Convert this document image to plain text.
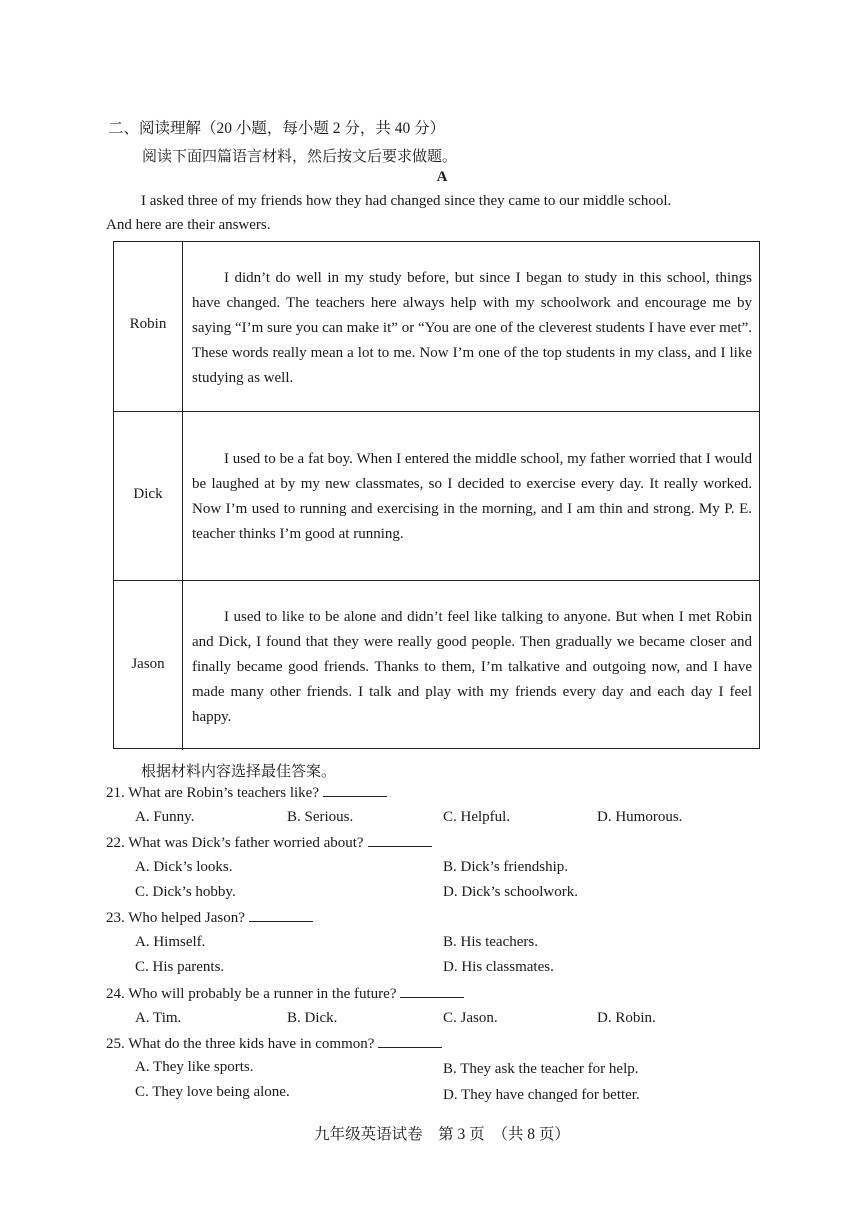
二、阅读理解（20 小题，每小题 2 分，共 40 分）
阅读下面四篇语言材料，然后按文后要求做题。
A
I asked three of my friends how they had changed since they came to our middle school.
And here are their answers.
Robin
I didn’t do well in my study before, but since I began to study in this school, things have changed. The teachers here always help with my schoolwork and encourage me by saying “I’m sure you can make it” or “You are one of the cleverest students I have ever met”. These words really mean a lot to me. Now I’m one of the top students in my class, and I like studying as well.
Dick
I used to be a fat boy. When I entered the middle school, my father worried that I would be laughed at by my new classmates, so I decided to exercise every day. It really worked. Now I’m used to running and exercising in the morning, and I am thin and strong. My P. E. teacher thinks I’m good at running.
Jason
I used to like to be alone and didn’t feel like talking to anyone. But when I met Robin and Dick, I found that they were really good people. Then gradually we became closer and finally became good friends. Thanks to them, I’m talkative and outgoing now, and I have made many other friends. I talk and play with my friends every day and each day I feel happy.
根据材料内容选择最佳答案。
21. What are Robin’s teachers like?
A. Funny.	B. Serious.	C. Helpful.	D. Humorous.
22. What was Dick’s father worried about?
A. Dick’s looks.	B. Dick’s friendship.
C. Dick’s hobby.	D. Dick’s schoolwork.
23. Who helped Jason?
A. Himself.	B. His teachers.
C. His parents.	D. His classmates.
24. Who will probably be a runner in the future?
A. Tim.	B. Dick.	C. Jason.	D. Robin.
25. What do the three kids have in common?
A. They like sports.	B. They ask the teacher for help.
C. They love being alone.	D. They have changed for better.
九年级英语试卷　第 3 页　（共 8 页）
